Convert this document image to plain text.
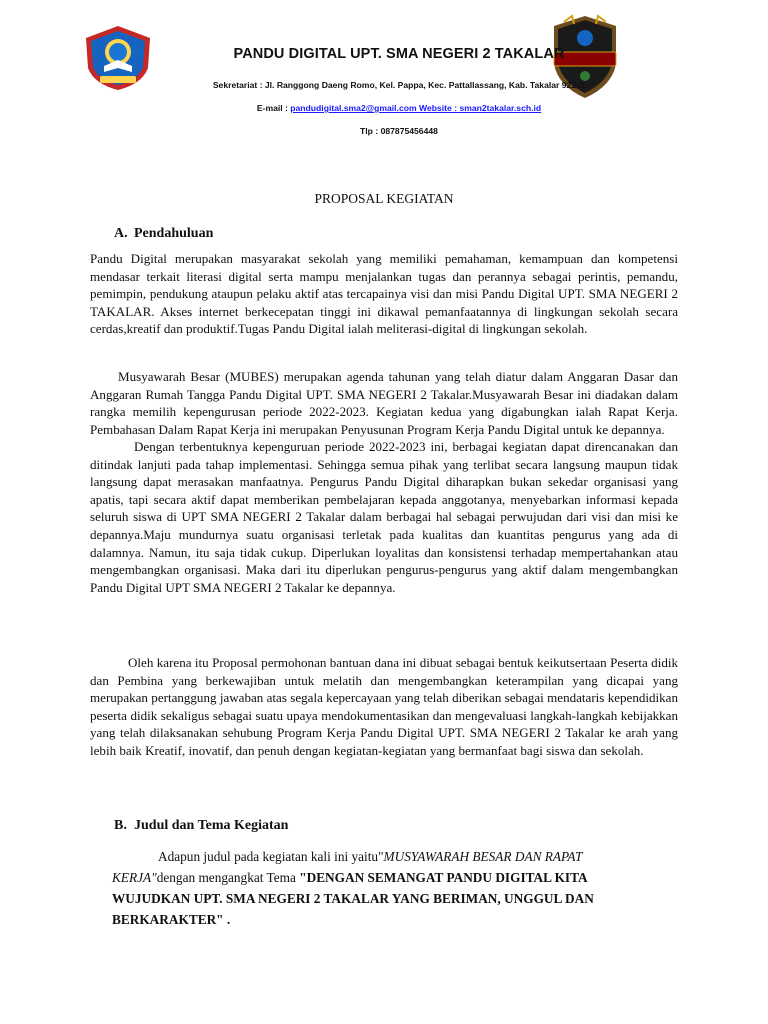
PANDU DIGITAL UPT. SMA NEGERI 2 TAKALAR
Sekretariat : Jl. Ranggong Daeng Romo, Kel. Pappa, Kec. Pattallassang, Kab. Takalar 92211
E-mail : pandudigital.sma2@gmail.com Website : sman2takalar.sch.id
Tlp : 087875456448
PROPOSAL KEGIATAN
A. Pendahuluan

Pandu Digital merupakan masyarakat sekolah yang memiliki pemahaman, kemampuan dan kompetensi mendasar terkait literasi digital serta mampu menjalankan tugas dan perannya sebagai perintis, pemandu, pemimpin, pendukung ataupun pelaku aktif atas tercapainya visi dan misi Pandu Digital UPT. SMA NEGERI 2 TAKALAR. Akses internet berkecepatan tinggi ini dikawal pemanfaatannya di lingkungan sekolah secara cerdas,kreatif dan produktif.Tugas Pandu Digital ialah meliterasi-digital di lingkungan sekolah.

Musyawarah Besar (MUBES) merupakan agenda tahunan yang telah diatur dalam Anggaran Dasar dan Anggaran Rumah Tangga Pandu Digital UPT. SMA NEGERI 2 Takalar.Musyawarah Besar ini diadakan dalam rangka memilih kepengurusan periode 2022-2023. Kegiatan kedua yang digabungkan ialah Rapat Kerja. Pembahasan Dalam Rapat Kerja ini merupakan Penyusunan Program Kerja Pandu Digital untuk ke depannya.

Dengan terbentuknya kepenguruan periode 2022-2023 ini, berbagai kegiatan dapat direncanakan dan ditindak lanjuti pada tahap implementasi. Sehingga semua pihak yang terlibat secara langsung maupun tidak langsung dapat merasakan manfaatnya. Pengurus Pandu Digital diharapkan bukan sekedar organisasi yang apatis, tapi secara aktif dapat memberikan pembelajaran kepada anggotanya, menyebarkan informasi kepada seluruh siswa di UPT SMA NEGERI 2 Takalar dalam berbagai hal sebagai perwujudan dari visi dan misi ke depannya.Maju mundurnya suatu organisasi terletak pada kualitas dan kuantitas pengurus yang ada di dalamnya. Namun, itu saja tidak cukup. Diperlukan loyalitas dan konsistensi terhadap mempertahankan atau mengembangkan organisasi. Maka dari itu diperlukan pengurus-pengurus yang aktif dalam mengembangkan Pandu Digital UPT SMA NEGERI 2 Takalar ke depannya.

Oleh karena itu Proposal permohonan bantuan dana ini dibuat sebagai bentuk keikutsertaan Peserta didik dan Pembina yang berkewajiban untuk melatih dan mengembangkan keterampilan yang dicapai yang merupakan pertanggung jawaban atas segala kepercayaan yang telah diberikan sebagai mendataris kependidikan peserta didik sekaligus sebagai suatu upaya mendokumentasikan dan mengevaluasi langkah-langkah kebijakkan yang telah dilaksanakan sehubung Program Kerja Pandu Digital UPT. SMA NEGERI 2 Takalar ke arah yang lebih baik Kreatif, inovatif, dan penuh dengan kegiatan-kegiatan yang bermanfaat bagi siswa dan sekolah.

B. Judul dan Tema Kegiatan

Adapun judul pada kegiatan kali ini yaitu"MUSYAWARAH BESAR DAN RAPAT KERJA"dengan mengangkat Tema "DENGAN SEMANGAT PANDU DIGITAL KITA WUJUDKAN UPT. SMA NEGERI 2 TAKALAR YANG BERIMAN, UNGGUL DAN BERKARAKTER" .
